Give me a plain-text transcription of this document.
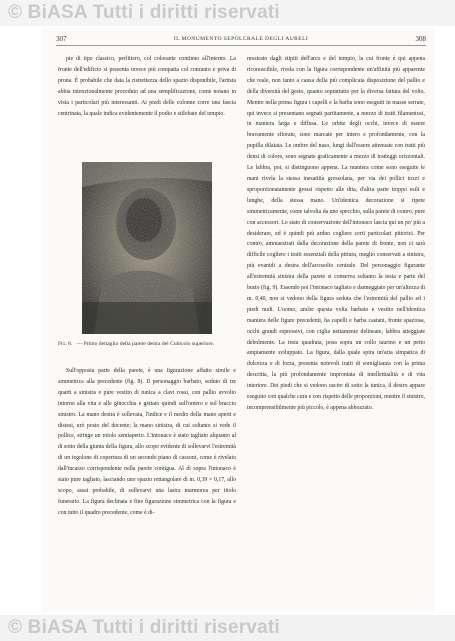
© BiASA Tutti i diritti riservati
307	IL MONUMENTO SEPOLCRALE DEGLI AURELI	308

pie di tipo classico, perlitiero, col colorante continuo all'interno. La fronte dell'edificio si presenta invece più compatta col comunto e priva di prona. È probabile che data la ristrettezza dello spazio disponibile, l'artista abbia intenzionalmente proceduto ad una semplificazione, come notano in vista i particolari più interessanti. Ai piedi delle colonne corre una fascia centrinata, la quale indica evidentemente il podio e stilobate del tempio.

Fig. 8. — Primo dettaglio della parete destra del Cubicolo superiore.

Sull'opposta parte della parete, è una figurazione affatto simile e simmetrica alla precedente (fig. 8). Il personaggio barbato, seduto di tre quarti a sinistra e pure vestito di tunica a clavi rossi, con pallio avvolto intorno alla vita e alle ginocchia e gettato quindi sull'omero e sul braccio sinistro. La mano destra è sollevata, l'indice e il medio della mano aperti e distesi, urò posto del docente; la mano sinistra, di cui soltanto si vede il pollice, stringe un rotolo semiaperto. L'intonaco è stato tagliato alquanto al di sotto della giunta della figura, allo scopo evidente di sollevarvi l'estremità di un tegolone di copertura di un secondo piano di cassoni, come è rivelato dall'incasso corrispondente nella parete contigua. Al di sopra l'intonaco è stato pure tagliato, lasciando uno spazio rettangolare di m. 0,39 × 0,17, allo scopo, assai probabile, di sollevarvi una lastra marmorea per titolo funerario. La figura declinata e fine figurazione simmetrica con la figura e con tutto il quadro precedente, come è di-

mostrato dagli stipiti dell'arco e del tempio, la cui fronte è qui appena riconoscibile, rivela con la figura corrispondente un'affinità più apparente che reale, non tanto a causa della più complicata disposizione del pallio e della diversità del gesto, quanto soprattutto per la diversa fattura del volto. Mentre nella prima figura i capelli e la barba sono eseguiti in masse serrate, qui invece si presentano segnati partitamente, a mezzo di tratti filamentosi, in maniera larga e diffusa. Le orbite degli occhi, invece di essere bravamente sfiorate, sono marcate per intero e profondamente, con la pupilla dilatata. Le ombre del naso, lungi dall'essere attenuate con tratti più densi di colore, sono segnate graficamente a mezzo di tratteggi orizzontali. Le labbra, poi, si distinguono appena. La maniera come sono eseguite le mani rivela la stessa inesattità grossolana, per via dei pollici tozzi e sproporzionatamente grossi rispetto alle dita, d'altra parte troppo esili e lunghe, della stessa mano. Un'identica decorazione si ripete simmetricamente, come talvolta da uno specchio, sulla parete di contro, pure con accessori. Lo stato di conservazione dell'intonaco lascia qui un po' più a desiderare, ed è quindi più arduo cogliere certi particolari pittorici. Per contro, ammaestrati dalla decorazione della parete di fronte, non ci sarà difficile cogliere i tratti essenziali della pittura, meglio conservati a sinistra, più evanidi a destra dell'arcosolio centrale. Del personaggio figurante all'estremità sinistra della parete si conserva soltanto la testa e parte del busto (fig. 9). Essendo poi l'intonaco tagliato e danneggiato per un'altezza di m. 0,40, non si vedono della figura seduta che l'estremità del pallio ed i piedi nudi. L'uomo, anche questa volta barbato e vestito nell'identica maniera delle figure precedenti, ha capelli e barba castani, fronte spaziosa, occhi grandi espressivi, con ciglia nettamente delineate, labbra atteggiate debolmente. La testa quadrata, posa sopra un collo taurino e un petto ampiamente sviluppato. La figura, dalla quale spira un'aria simpatica di dolcezza e di forza, presenta notevoli tratti di somiglianza con la prima descritta, la più profondamente improntata di intellettualità e di vita interiore. Dei piedi che si vedono uscire di sotto la tunica, il destro appare eseguito con qualche cura e con rispetto delle proporzioni, mentre il sinistro, incomprensibilmente più piccolo, è appena abbozzato.

© BiASA Tutti i diritti riservati
